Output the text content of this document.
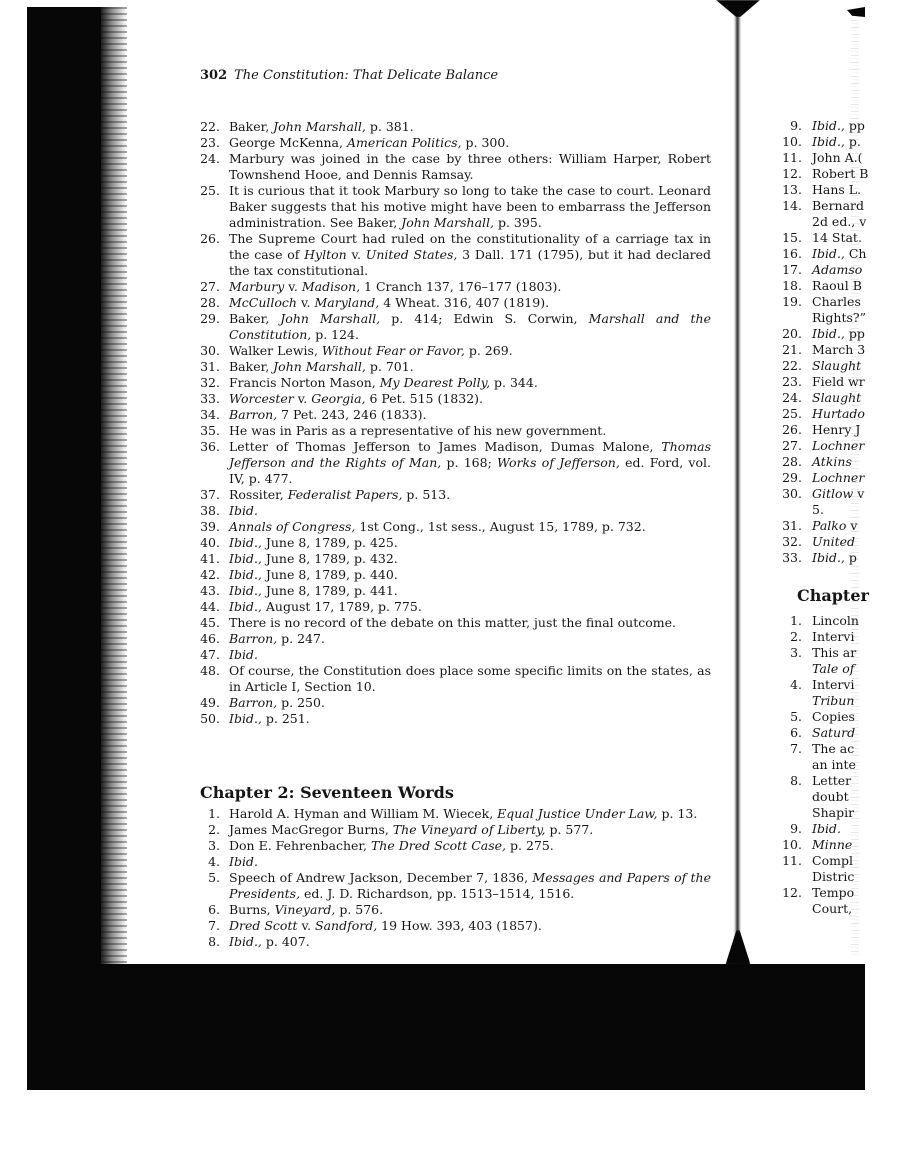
302 The Constitution: That Delicate Balance
22. Baker, John Marshall, p. 381.
23. George McKenna, American Politics, p. 300.
24. Marbury was joined in the case by three others: William Harper, Robert Townshend Hooe, and Dennis Ramsay.
25. It is curious that it took Marbury so long to take the case to court. Leonard Baker suggests that his motive might have been to embarrass the Jefferson administration. See Baker, John Marshall, p. 395.
26. The Supreme Court had ruled on the constitutionality of a carriage tax in the case of Hylton v. United States, 3 Dall. 171 (1795), but it had declared the tax constitutional.
27. Marbury v. Madison, 1 Cranch 137, 176–177 (1803).
28. McCulloch v. Maryland, 4 Wheat. 316, 407 (1819).
29. Baker, John Marshall, p. 414; Edwin S. Corwin, Marshall and the Constitution, p. 124.
30. Walker Lewis, Without Fear or Favor, p. 269.
31. Baker, John Marshall, p. 701.
32. Francis Norton Mason, My Dearest Polly, p. 344.
33. Worcester v. Georgia, 6 Pet. 515 (1832).
34. Barron, 7 Pet. 243, 246 (1833).
35. He was in Paris as a representative of his new government.
36. Letter of Thomas Jefferson to James Madison, Dumas Malone, Thomas Jefferson and the Rights of Man, p. 168; Works of Jefferson, ed. Ford, vol. IV, p. 477.
37. Rossiter, Federalist Papers, p. 513.
38. Ibid.
39. Annals of Congress, 1st Cong., 1st sess., August 15, 1789, p. 732.
40. Ibid., June 8, 1789, p. 425.
41. Ibid., June 8, 1789, p. 432.
42. Ibid., June 8, 1789, p. 440.
43. Ibid., June 8, 1789, p. 441.
44. Ibid., August 17, 1789, p. 775.
45. There is no record of the debate on this matter, just the final outcome.
46. Barron, p. 247.
47. Ibid.
48. Of course, the Constitution does place some specific limits on the states, as in Article I, Section 10.
49. Barron, p. 250.
50. Ibid., p. 251.
Chapter 2: Seventeen Words
1. Harold A. Hyman and William M. Wiecek, Equal Justice Under Law, p. 13.
2. James MacGregor Burns, The Vineyard of Liberty, p. 577.
3. Don E. Fehrenbacher, The Dred Scott Case, p. 275.
4. Ibid.
5. Speech of Andrew Jackson, December 7, 1836, Messages and Papers of the Presidents, ed. J. D. Richardson, pp. 1513–1514, 1516.
6. Burns, Vineyard, p. 576.
7. Dred Scott v. Sandford, 19 How. 393, 403 (1857).
8. Ibid., p. 407.
9. Ibid., pp
10. Ibid., p.
11. John A.(
12. Robert B
13. Hans L.
14. Bernard
2d ed., v
15. 14 Stat.
16. Ibid., Ch
17. Adamso
18. Raoul B
19. Charles
Rights?”
20. Ibid., pp
21. March 3
22. Slaught
23. Field wr
24. Slaught
25. Hurtado
26. Henry J
27. Lochner
28. Atkins
29. Lochner
30. Gitlow v
5.
31. Palko v
32. United
33. Ibid., p
Chapter
1. Lincoln
2. Intervi
3. This ar
Tale of
4. Intervi
Tribun
5. Copies
6. Saturd
7. The ac
an inte
8. Letter
doubt
Shapir
9. Ibid.
10. Minne
11. Compl
Distric
12. Tempo
Court,
